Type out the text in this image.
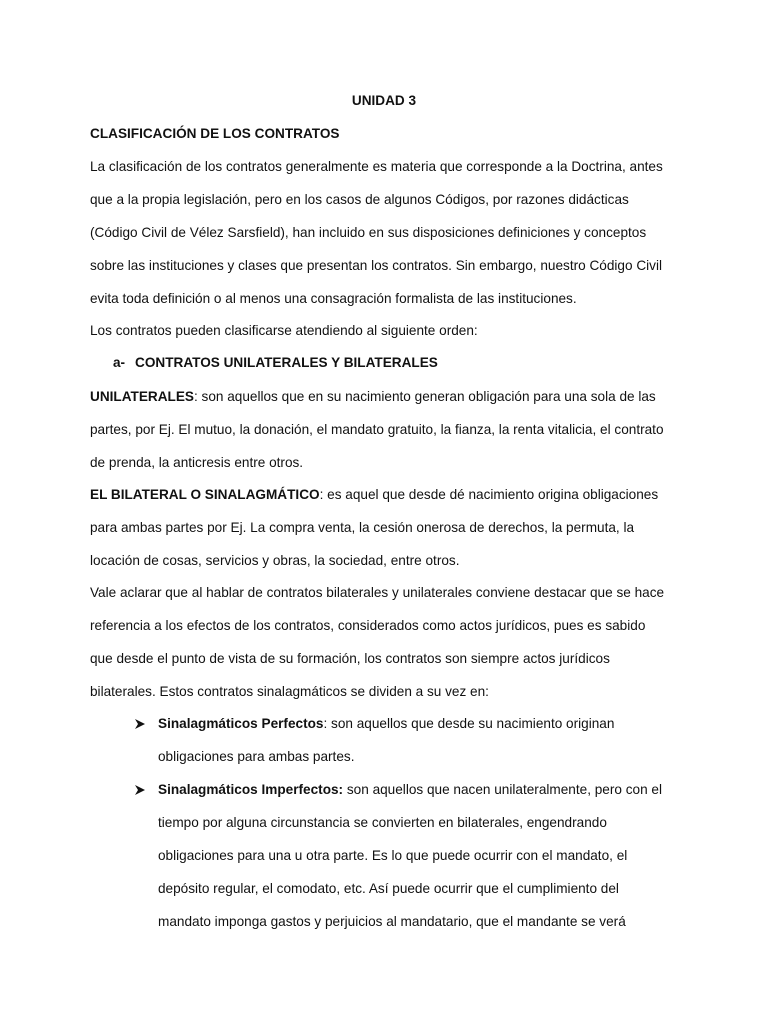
UNIDAD 3

CLASIFICACIÓN DE LOS CONTRATOS

La clasificación de los contratos generalmente es materia que corresponde a la Doctrina, antes

que a la propia legislación, pero en los casos de algunos Códigos, por razones didácticas

(Código Civil de Vélez Sarsfield), han incluido en sus disposiciones definiciones y conceptos

sobre las instituciones y clases que presentan los contratos. Sin embargo, nuestro Código Civil

evita toda definición o al menos una consagración formalista de las instituciones.

Los contratos pueden clasificarse atendiendo al siguiente orden:

a- CONTRATOS UNILATERALES Y BILATERALES

UNILATERALES: son aquellos que en su nacimiento generan obligación para una sola de las

partes, por Ej. El mutuo, la donación, el mandato gratuito, la fianza, la renta vitalicia, el contrato

de prenda, la anticresis entre otros.

EL BILATERAL O SINALAGMÁTICO: es aquel que desde dé nacimiento origina obligaciones

para ambas partes por Ej. La compra venta, la cesión onerosa de derechos, la permuta, la

locación de cosas, servicios y obras, la sociedad, entre otros.

Vale aclarar que al hablar de contratos bilaterales y unilaterales conviene destacar que se hace

referencia a los efectos de los contratos, considerados como actos jurídicos, pues es sabido

que desde el punto de vista de su formación, los contratos son siempre actos jurídicos

bilaterales. Estos contratos sinalagmáticos se dividen a su vez en:

Sinalagmáticos Perfectos: son aquellos que desde su nacimiento originan

obligaciones para ambas partes.

Sinalagmáticos Imperfectos: son aquellos que nacen unilateralmente, pero con el

tiempo por alguna circunstancia se convierten en bilaterales, engendrando

obligaciones para una u otra parte. Es lo que puede ocurrir con el mandato, el

depósito regular, el comodato, etc. Así puede ocurrir que el cumplimiento del

mandato imponga gastos y perjuicios al mandatario, que el mandante se verá
